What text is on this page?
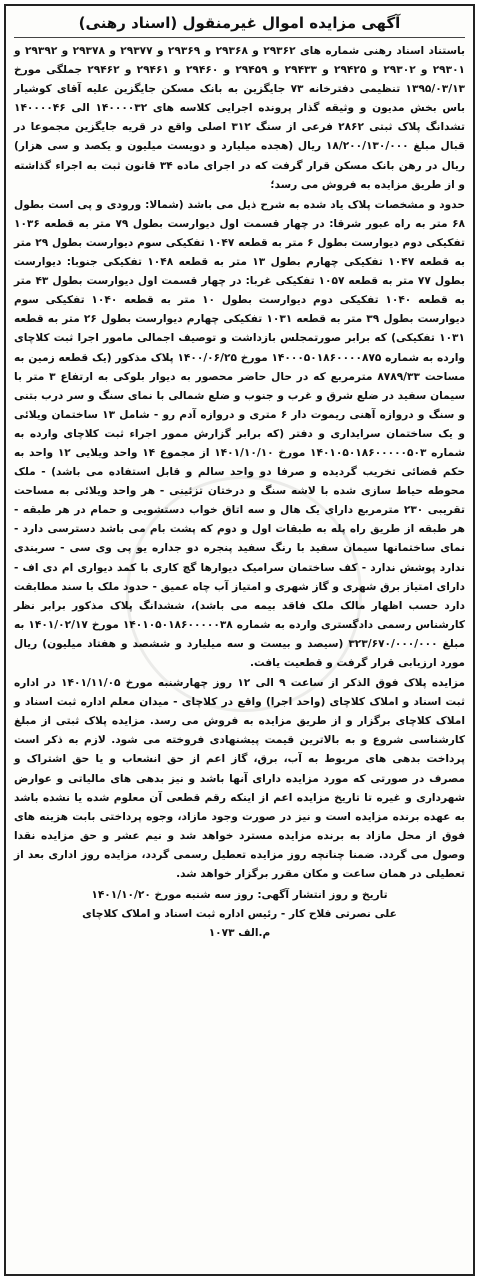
آگهی مزایده اموال غیرمنقول (اسناد رهنی)

باستناد اسناد رهنی شماره های ۲۹۳۶۲ و ۲۹۳۶۸ و ۲۹۳۶۹ و ۲۹۳۷۷ و ۲۹۳۷۸ و ۲۹۳۹۲ و ۲۹۳۰۱ و ۲۹۳۰۲ و ۲۹۴۲۵ و ۲۹۴۳۳ و ۲۹۴۵۹ و ۲۹۴۶۰ و ۲۹۴۶۱ و ۲۹۴۶۲ جملگی مورخ ۱۳۹۵/۰۳/۱۳ تنظیمی دفترخانه ۷۳ جایگزین به بانک مسکن جایگزین علیه آقای کوشیار باس بخش مدیون و وثیقه گذار پرونده اجرایی کلاسه های ۱۴۰۰۰۰۳۲ الی ۱۴۰۰۰۰۴۶ تشدانگ پلاک ثبتی ۲۸۶۲ فرعی از سنگ ۳۱۲ اصلی واقع در قریه جایگزین مجموعا در قبال مبلغ ۱۸/۲۰۰/۱۳۰/۰۰۰ ریال (هجده میلیارد و دویست میلیون و یکصد و سی هزار) ریال در رهن بانک مسکن قرار گرفت که در اجرای ماده ۳۴ قانون ثبت به اجراء گذاشته و از طریق مزایده به فروش می رسد؛

حدود و مشخصات پلاک یاد شده به شرح ذیل می باشد (شمالا: ورودی و پی است بطول ۶۸ متر به راه عبور شرقا: در چهار قسمت اول دیوارست بطول ۷۹ متر به قطعه ۱۰۳۶ تفکیکی دوم دیوارست بطول ۶ متر به قطعه ۱۰۴۷ تفکیکی سوم دیوارست بطول ۲۹ متر به قطعه ۱۰۴۷ تفکیکی چهارم بطول ۱۳ متر به قطعه ۱۰۴۸ تفکیکی جنوبا: دیوارست بطول ۷۷ متر به قطعه ۱۰۵۷ تفکیکی غربا: در چهار قسمت اول دیوارست بطول ۴۳ متر به قطعه ۱۰۴۰ تفکیکی دوم دیوارست بطول ۱۰ متر به قطعه ۱۰۴۰ تفکیکی سوم دیوارست بطول ۳۹ متر به قطعه ۱۰۳۱ تفکیکی چهارم دیوارست بطول ۲۶ متر به قطعه ۱۰۳۱ تفکیکی) که برابر صورتمجلس بازداشت و توصیف اجمالی مامور اجرا ثبت کلاچای وارده به شماره ۱۴۰۰۰۵۰۱۸۶۰۰۰۰۸۷۵ مورخ ۱۴۰۰/۰۶/۲۵ پلاک مذکور (یک قطعه زمین به مساحت ۸۷۸۹/۳۳ مترمربع که در حال حاضر محصور به دیوار بلوکی به ارتفاع ۳ متر با سیمان سفید در ضلع شرق و غرب و جنوب و ضلع شمالی با نمای سنگ و سر درب بتنی و سنگ و دروازه آهنی ریموت دار ۶ متری و دروازه آدم رو - شامل ۱۳ ساختمان ویلائی و یک ساختمان سرایداری و دفتر (که برابر گزارش ممور اجراء ثبت کلاچای وارده به شماره ۱۴۰۱۰۵۰۱۸۶۰۰۰۰۰۵۰۳ مورخ ۱۴۰۱/۱۰/۱۰ از مجموع ۱۴ واحد ویلایی ۱۲ واحد به حکم قضائی تخریب گردیده و صرفا دو واحد سالم و قابل استفاده می باشد) - ملک محوطه حیاط سازی شده با لاشه سنگ و درختان تزئینی - هر واحد ویلائی به مساحت تقریبی ۲۳۰ مترمربع دارای یک هال و سه اتاق خواب دستشویی و حمام در هر طبقه - هر طبقه از طریق راه پله به طبقات اول و دوم که پشت بام می باشد دسترسی دارد - نمای ساختمانها سیمان سفید با رنگ سفید پنجره دو جداره یو پی وی سی - سربندی ندارد پوشش ندارد - کف ساختمان سرامیک دیوارها گچ کاری با کمد دیواری ام دی اف - دارای امتیاز برق شهری و گاز شهری و امتیاز آب چاه عمیق - حدود ملک با سند مطابقت دارد حسب اظهار مالک ملک فاقد بیمه می باشد)، ششدانگ پلاک مذکور برابر نظر کارشناس رسمی دادگستری وارده به شماره ۱۴۰۱۰۵۰۱۸۶۰۰۰۰۰۳۸ مورخ ۱۴۰۱/۰۲/۱۷ به مبلغ ۳۲۳/۶۷۰/۰۰۰/۰۰۰ (سیصد و بیست و سه میلیارد و ششصد و هفتاد میلیون) ریال مورد ارزیابی قرار گرفت و قطعیت یافت.

مزایده پلاک فوق الذکر از ساعت ۹ الی ۱۲ روز چهارشنبه مورخ ۱۴۰۱/۱۱/۰۵ در اداره ثبت اسناد و املاک کلاچای (واحد اجرا) واقع در کلاچای - میدان معلم اداره ثبت اسناد و املاک کلاچای برگزار و از طریق مزایده به فروش می رسد. مزایده پلاک ثبتی از مبلغ کارشناسی شروع و به بالاترین قیمت پیشنهادی فروخته می شود. لازم به ذکر است پرداخت بدهی های مربوط به آب، برق، گاز اعم از حق انشعاب و یا حق اشتراک و مصرف در صورتی که مورد مزایده دارای آنها باشد و نیز بدهی های مالیاتی و عوارض شهرداری و غیره تا تاریخ مزایده اعم از اینکه رقم قطعی آن معلوم شده یا نشده باشد به عهده برنده مزایده است و نیز در صورت وجود مازاد، وجوه پرداختی بابت هزینه های فوق از محل مازاد به برنده مزایده مسترد خواهد شد و نیم عشر و حق مزایده نقدا وصول می گردد. ضمنا چنانچه روز مزایده تعطیل رسمی گردد، مزایده روز اداری بعد از تعطیلی در همان ساعت و مکان مقرر برگزار خواهد شد.

تاریخ و روز انتشار آگهی: روز سه شنبه مورخ ۱۴۰۱/۱۰/۲۰
علی نصرتی فلاح کار - رئیس اداره ثبت اسناد و املاک کلاچای
م.الف ۱۰۷۳
